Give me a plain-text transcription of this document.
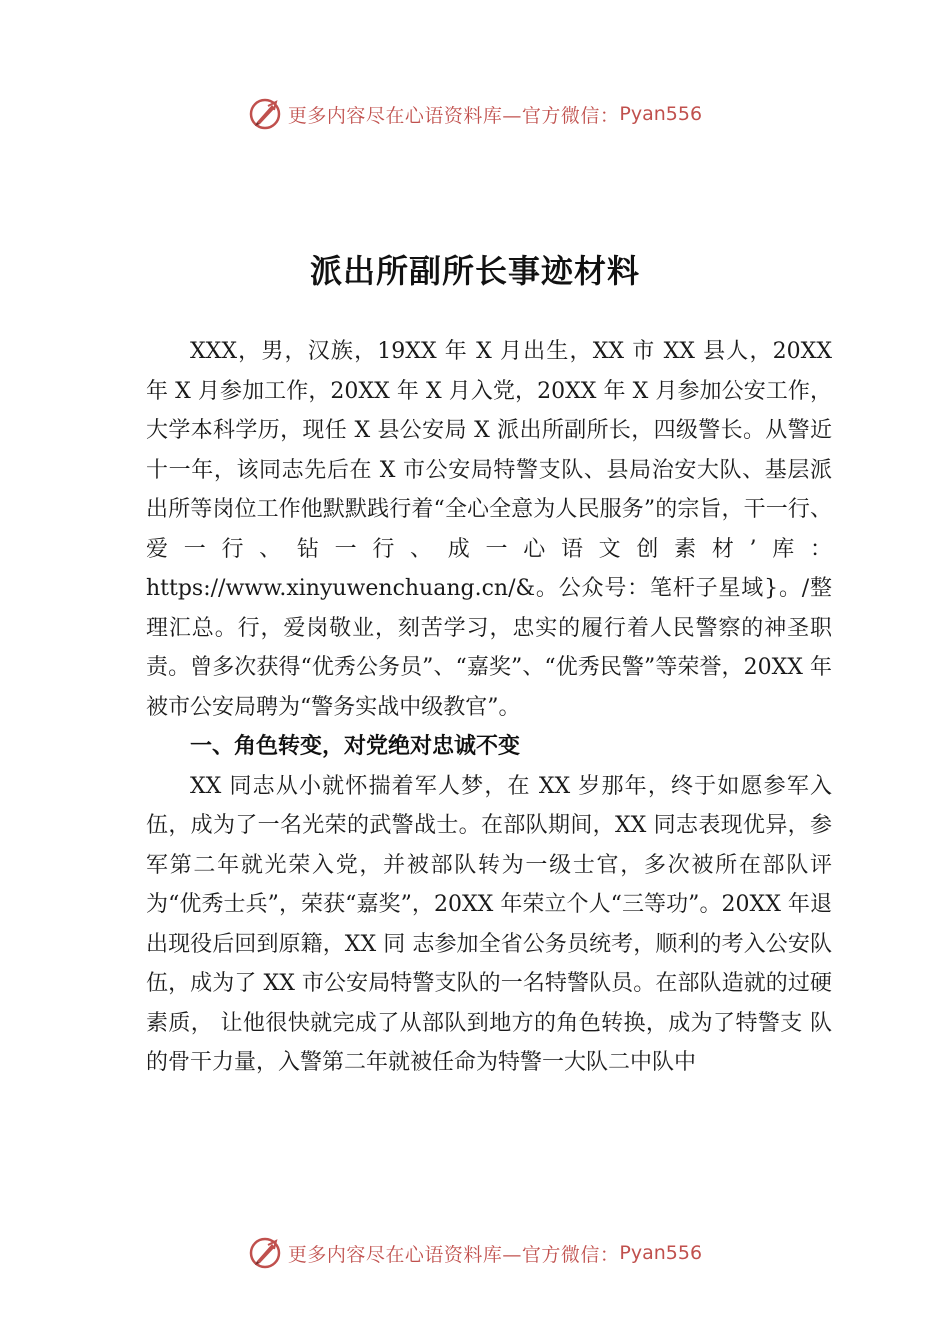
更多内容尽在心语资料库—官方微信： Pyan556
派出所副所长事迹材料

XXX，男，汉族，19XX 年 X 月出生，XX 市 XX 县人，20XX 年 X 月参加工作，20XX 年 X 月入党，20XX 年 X 月参加公安工作，大学本科学历，现任 X 县公安局 X 派出所副所长，四级警长。从警近十一年，该同志先后在 X 市公安局特警支队、县局治安大队、基层派出所等岗位工作他默默践行着“全心全意为人民服务”的宗旨，干一行、爱一行、钻一行、成一心语文创素材’库：https://www.xinyuwenchuang.cn/&。公众号：笔杆子星域}。/整理汇总。行，爱岗敬业，刻苦学习，忠实的履行着人民警察的神圣职责。曾多次获得“优秀公务员”、“嘉奖”、“优秀民警”等荣誉，20XX 年被市公安局聘为“警务实战中级教官”。

一、角色转变，对党绝对忠诚不变

XX 同志从小就怀揣着军人梦，在 XX 岁那年，终于如愿参军入伍，成为了一名光荣的武警战士。在部队期间，XX 同志表现优异，参军第二年就光荣入党，并被部队转为一级士官，多次被所在部队评为“优秀士兵”，荣获“嘉奖”，20XX 年荣立个人“三等功”。20XX 年退出现役后回到原籍，XX 同 志参加全省公务员统考，顺利的考入公安队伍，成为了 XX 市公安局特警支队的一名特警队员。在部队造就的过硬素质， 让他很快就完成了从部队到地方的角色转换，成为了特警支 队的骨干力量，入警第二年就被任命为特警一大队二中队中

更多内容尽在心语资料库—官方微信： Pyan556
